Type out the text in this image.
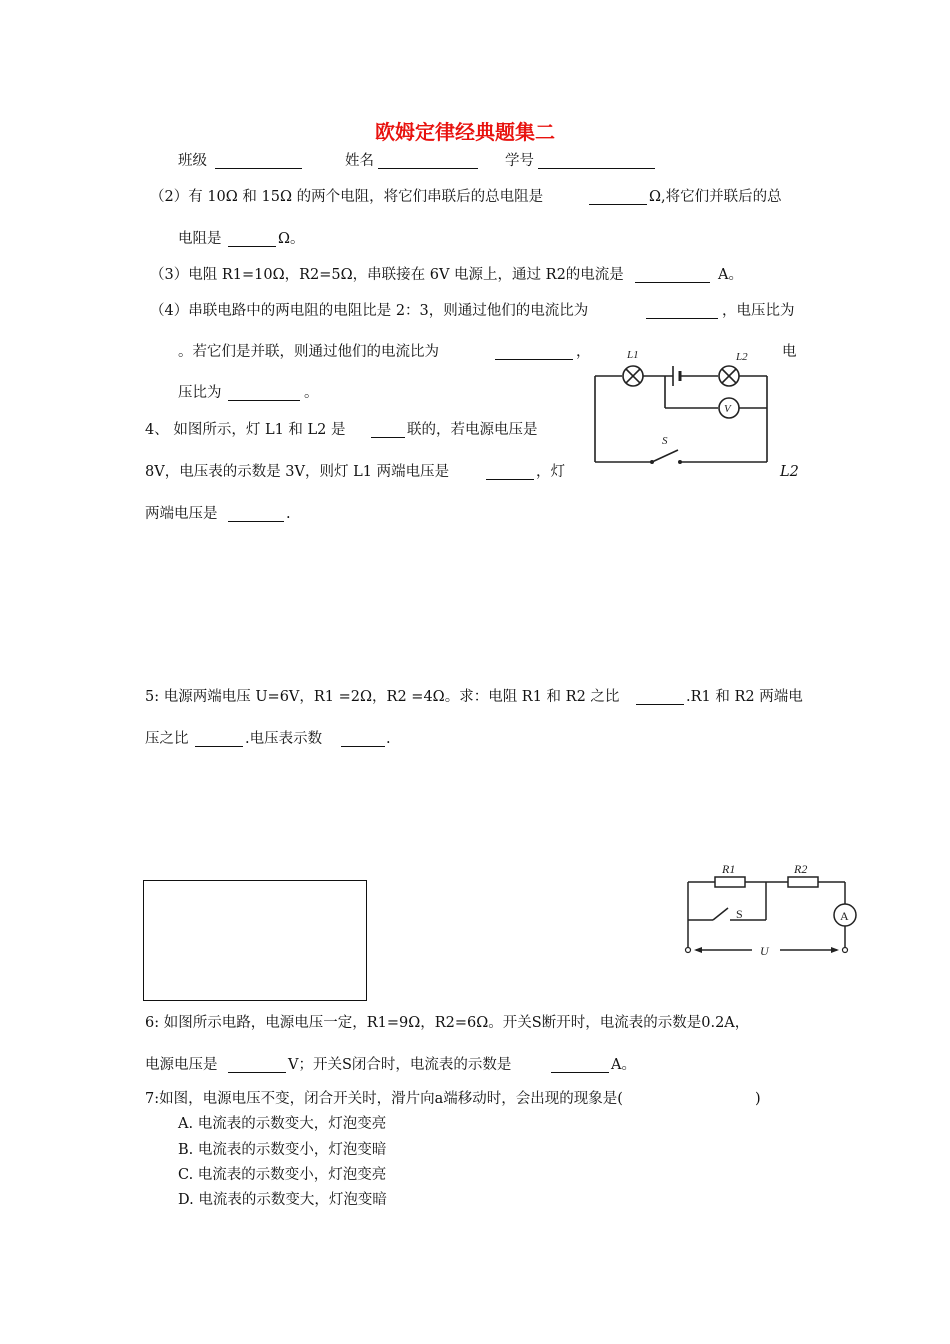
欧姆定律经典题集二
班级	姓名	学号
（2）有 10Ω 和 15Ω 的两个电阻，将它们串联后的总电阻是	Ω,将它们并联后的总
电阻是	Ω。
（3）电阻 R1=10Ω，R2=5Ω，串联接在 6V 电源上，通过 R2的电流是	A。
（4）串联电路中的两电阻的电阻比是 2：3，则通过他们的电流比为	，电压比为
。若它们是并联，则通过他们的电流比为	，	电
压比为	。
4、 如图所示，灯 L1 和 L2 是	联的，若电源电压是
8V，电压表的示数是 3V，则灯 L1 两端电压是	，灯	L2
两端电压是	.
L1	L2
V
S
5: 电源两端电压 U=6V，R1 =2Ω，R2 =4Ω。求：电阻 R1 和 R2 之比	.R1 和 R2 两端电
压之比	.电压表示数	.
R1	R2
S	A
U
6: 如图所示电路，电源电压一定，R1=9Ω，R2=6Ω。开关S断开时，电流表的示数是0.2A，
电源电压是	V；开关S闭合时，电流表的示数是	A。
7:如图，电源电压不变，闭合开关时，滑片向a端移动时，会出现的现象是(	)
A. 电流表的示数变大，灯泡变亮
B. 电流表的示数变小，灯泡变暗
C. 电流表的示数变小，灯泡变亮
D. 电流表的示数变大，灯泡变暗
